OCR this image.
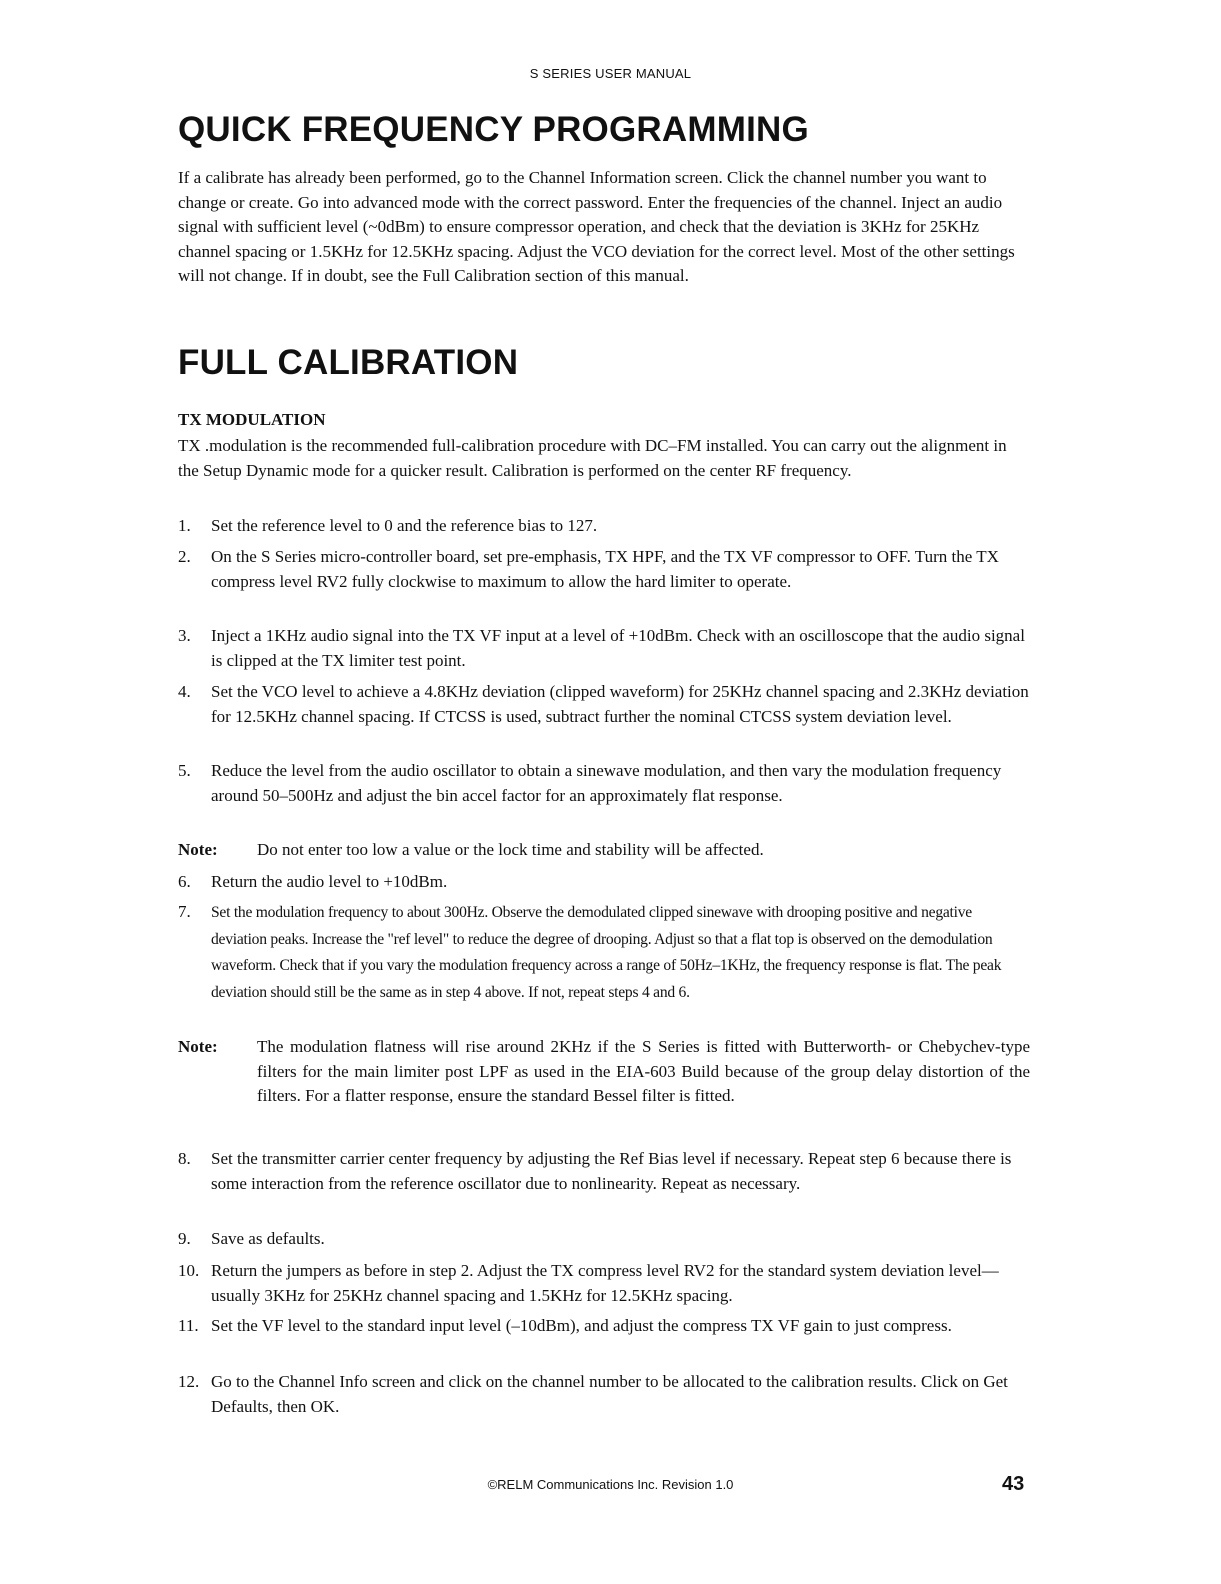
S SERIES USER MANUAL
QUICK FREQUENCY PROGRAMMING

If a calibrate has already been performed, go to the Channel Information screen. Click the channel number you want to change or create. Go into advanced mode with the correct password. Enter the frequencies of the channel. Inject an audio signal with sufficient level (~0dBm) to ensure compressor operation, and check that the deviation is 3KHz for 25KHz channel spacing or 1.5KHz for 12.5KHz spacing. Adjust the VCO deviation for the correct level. Most of the other settings will not change. If in doubt, see the Full Calibration section of this manual.

FULL CALIBRATION
TX MODULATION

TX .modulation is the recommended full-calibration procedure with DC–FM installed. You can carry out the alignment in the Setup Dynamic mode for a quicker result. Calibration is performed on the center RF frequency.

1.	Set the reference level to 0 and the reference bias to 127.
2.	On the S Series micro-controller board, set pre-emphasis, TX HPF, and the TX VF compressor to OFF. Turn the TX compress level RV2 fully clockwise to maximum to allow the hard limiter to operate.
3.	Inject a 1KHz audio signal into the TX VF input at a level of +10dBm. Check with an oscilloscope that the audio signal is clipped at the TX limiter test point.
4.	Set the VCO level to achieve a 4.8KHz deviation (clipped waveform) for 25KHz channel spacing and 2.3KHz deviation for 12.5KHz channel spacing. If CTCSS is used, subtract further the nominal CTCSS system deviation level.
5.	Reduce the level from the audio oscillator to obtain a sinewave modulation, and then vary the modulation frequency around 50–500Hz and adjust the bin accel factor for an approximately flat response.
Note: Do not enter too low a value or the lock time and stability will be affected.
6.	Return the audio level to +10dBm.
7.	Set the modulation frequency to about 300Hz. Observe the demodulated clipped sinewave with drooping positive and negative deviation peaks. Increase the "ref level" to reduce the degree of drooping. Adjust so that a flat top is observed on the demodulation waveform. Check that if you vary the modulation frequency across a range of 50Hz–1KHz, the frequency response is flat. The peak deviation should still be the same as in step 4 above. If not, repeat steps 4 and 6.
Note: The modulation flatness will rise around 2KHz if the S Series is fitted with Butterworth- or Chebychev-type filters for the main limiter post LPF as used in the EIA-603 Build because of the group delay distortion of the filters. For a flatter response, ensure the standard Bessel filter is fitted.
8.	Set the transmitter carrier center frequency by adjusting the Ref Bias level if necessary. Repeat step 6 because there is some interaction from the reference oscillator due to nonlinearity. Repeat as necessary.
9.	Save as defaults.
10. Return the jumpers as before in step 2. Adjust the TX compress level RV2 for the standard system deviation level—usually 3KHz for 25KHz channel spacing and 1.5KHz for 12.5KHz spacing.
11. Set the VF level to the standard input level (–10dBm), and adjust the compress TX VF gain to just compress.
12. Go to the Channel Info screen and click on the channel number to be allocated to the calibration results. Click on Get Defaults, then OK.
©RELM Communications Inc. Revision 1.0	43
